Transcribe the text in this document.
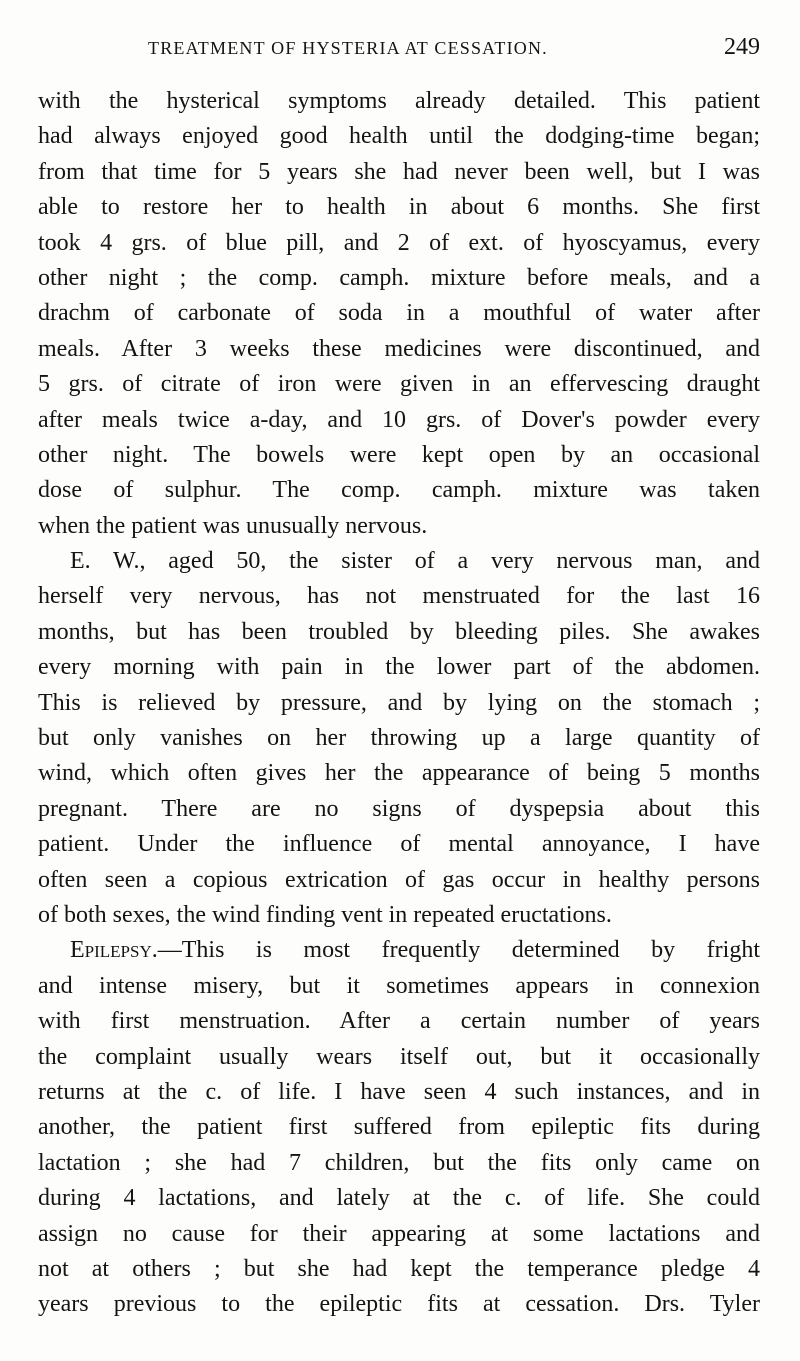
TREATMENT OF HYSTERIA AT CESSATION.	249
with the hysterical symptoms already detailed. This patient
had always enjoyed good health until the dodging-time began;
from that time for 5 years she had never been well, but I was
able to restore her to health in about 6 months. She first
took 4 grs. of blue pill, and 2 of ext. of hyoscyamus, every
other night ; the comp. camph. mixture before meals, and a
drachm of carbonate of soda in a mouthful of water after
meals. After 3 weeks these medicines were discontinued, and
5 grs. of citrate of iron were given in an effervescing draught
after meals twice a-day, and 10 grs. of Dover's powder every
other night. The bowels were kept open by an occasional
dose of sulphur. The comp. camph. mixture was taken
when the patient was unusually nervous.
E. W., aged 50, the sister of a very nervous man, and
herself very nervous, has not menstruated for the last 16
months, but has been troubled by bleeding piles. She awakes
every morning with pain in the lower part of the abdomen.
This is relieved by pressure, and by lying on the stomach ;
but only vanishes on her throwing up a large quantity of
wind, which often gives her the appearance of being 5 months
pregnant. There are no signs of dyspepsia about this
patient. Under the influence of mental annoyance, I have
often seen a copious extrication of gas occur in healthy persons
of both sexes, the wind finding vent in repeated eructations.
Epilepsy.—This is most frequently determined by fright
and intense misery, but it sometimes appears in connexion
with first menstruation. After a certain number of years
the complaint usually wears itself out, but it occasionally
returns at the c. of life. I have seen 4 such instances, and in
another, the patient first suffered from epileptic fits during
lactation ; she had 7 children, but the fits only came on
during 4 lactations, and lately at the c. of life. She could
assign no cause for their appearing at some lactations and
not at others ; but she had kept the temperance pledge 4
years previous to the epileptic fits at cessation. Drs. Tyler
